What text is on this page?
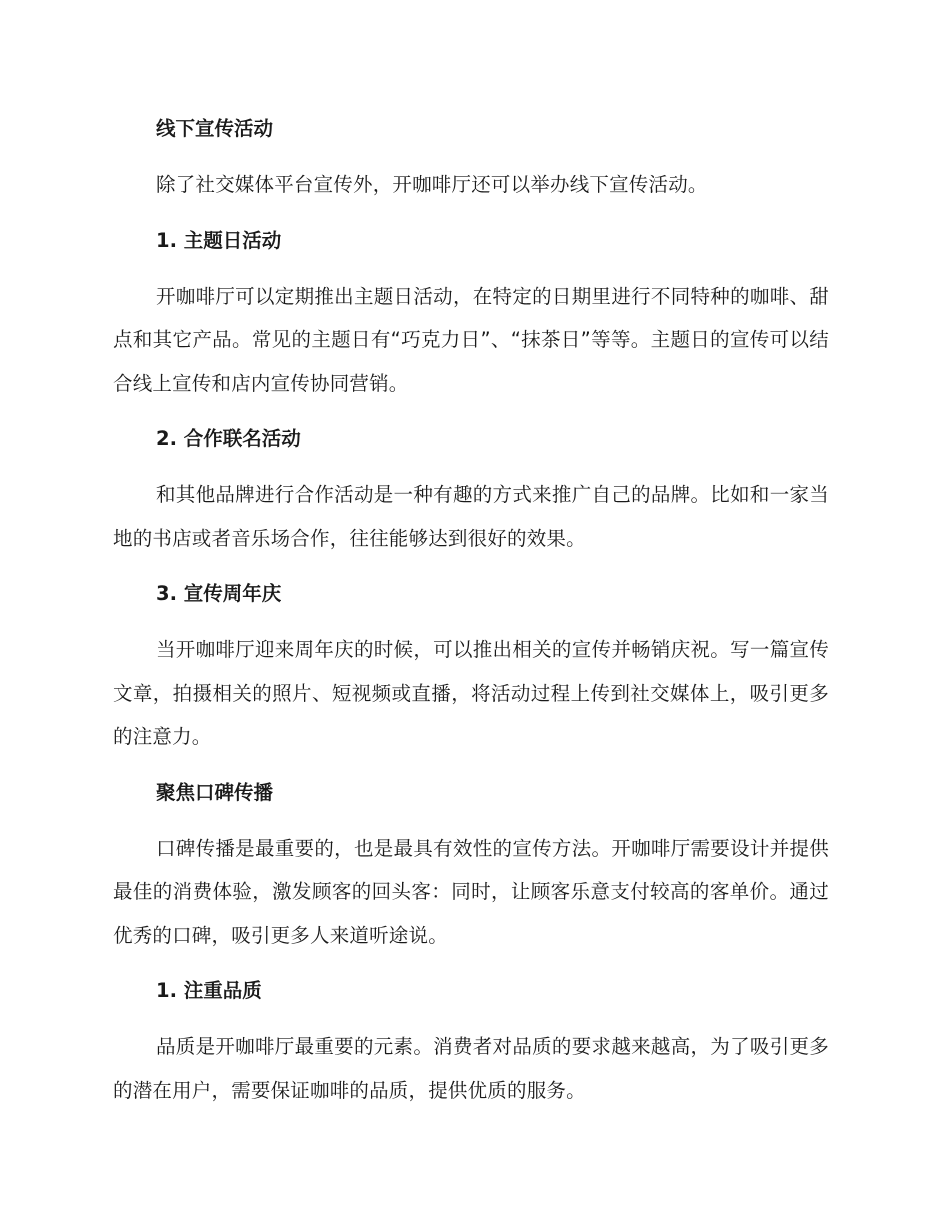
线下宣传活动

除了社交媒体平台宣传外，开咖啡厅还可以举办线下宣传活动。

1. 主题日活动

开咖啡厅可以定期推出主题日活动，在特定的日期里进行不同特种的咖啡、甜点和其它产品。常见的主题日有“巧克力日”、“抹茶日”等等。主题日的宣传可以结合线上宣传和店内宣传协同营销。

2. 合作联名活动

和其他品牌进行合作活动是一种有趣的方式来推广自己的品牌。比如和一家当地的书店或者音乐场合作，往往能够达到很好的效果。

3. 宣传周年庆

当开咖啡厅迎来周年庆的时候，可以推出相关的宣传并畅销庆祝。写一篇宣传文章，拍摄相关的照片、短视频或直播，将活动过程上传到社交媒体上，吸引更多的注意力。

聚焦口碑传播

口碑传播是最重要的，也是最具有效性的宣传方法。开咖啡厅需要设计并提供最佳的消费体验，激发顾客的回头客：同时，让顾客乐意支付较高的客单价。通过优秀的口碑，吸引更多人来道听途说。

1. 注重品质

品质是开咖啡厅最重要的元素。消费者对品质的要求越来越高，为了吸引更多的潜在用户，需要保证咖啡的品质，提供优质的服务。
